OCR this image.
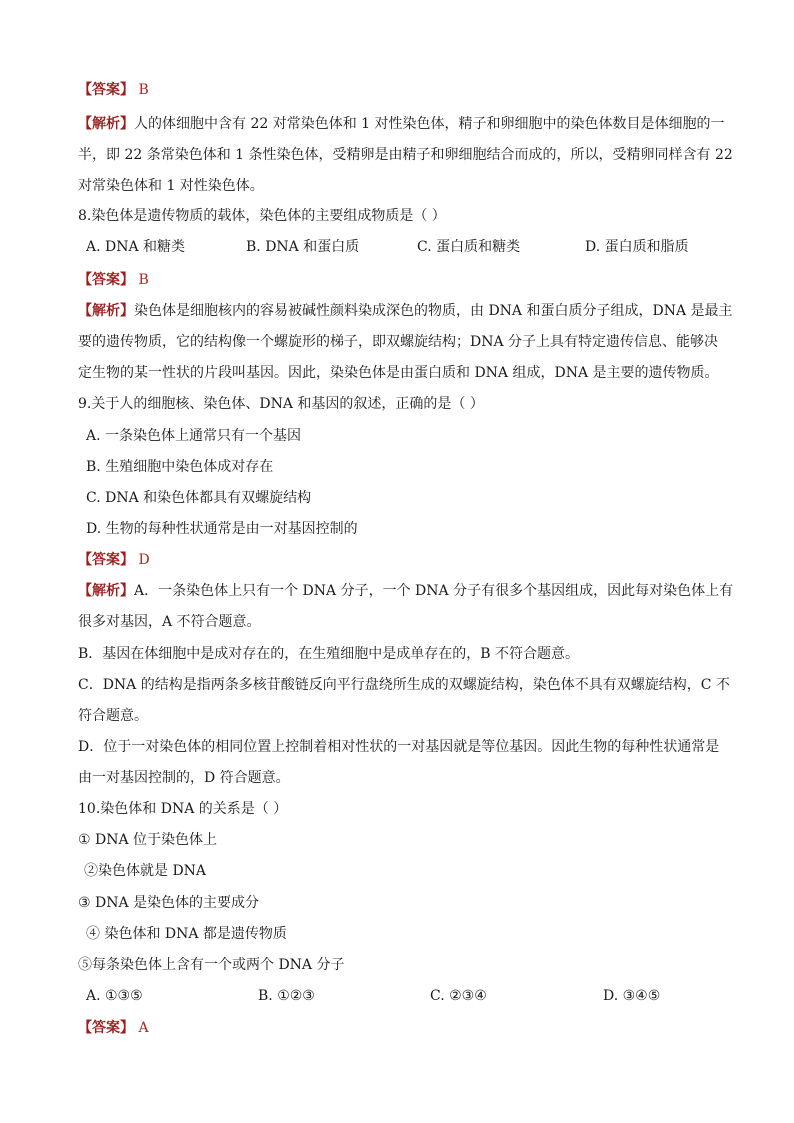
【答案】 B
【解析】人的体细胞中含有 22 对常染色体和 1 对性染色体，精子和卵细胞中的染色体数目是体细胞的一
半，即 22 条常染色体和 1 条性染色体，受精卵是由精子和卵细胞结合而成的，所以，受精卵同样含有 22
对常染色体和 1 对性染色体。
8.染色体是遗传物质的载体，染色体的主要组成物质是（ ）
A. DNA 和糖类	B. DNA 和蛋白质	C. 蛋白质和糖类	D. 蛋白质和脂质
【答案】 B
【解析】染色体是细胞核内的容易被碱性颜料染成深色的物质，由 DNA 和蛋白质分子组成，DNA 是最主
要的遗传物质，它的结构像一个螺旋形的梯子，即双螺旋结构；DNA 分子上具有特定遗传信息、能够决
定生物的某一性状的片段叫基因。因此，染染色体是由蛋白质和 DNA 组成，DNA 是主要的遗传物质。
9.关于人的细胞核、染色体、DNA 和基因的叙述，正确的是（ ）
A. 一条染色体上通常只有一个基因
B. 生殖细胞中染色体成对存在
C. DNA 和染色体都具有双螺旋结构
D. 生物的每种性状通常是由一对基因控制的
【答案】 D
【解析】A．一条染色体上只有一个 DNA 分子，一个 DNA 分子有很多个基因组成，因此每对染色体上有
很多对基因，A 不符合题意。
B．基因在体细胞中是成对存在的，在生殖细胞中是成单存在的，B 不符合题意。
C．DNA 的结构是指两条多核苷酸链反向平行盘绕所生成的双螺旋结构，染色体不具有双螺旋结构，C 不
符合题意。
D．位于一对染色体的相同位置上控制着相对性状的一对基因就是等位基因。因此生物的每种性状通常是
由一对基因控制的，D 符合题意。
10.染色体和 DNA 的关系是（ ）
① DNA 位于染色体上
②染色体就是 DNA
③ DNA 是染色体的主要成分
④ 染色体和 DNA 都是遗传物质
⑤每条染色体上含有一个或两个 DNA 分子
A. ①③⑤	B. ①②③	C. ②③④	D. ③④⑤
【答案】 A
